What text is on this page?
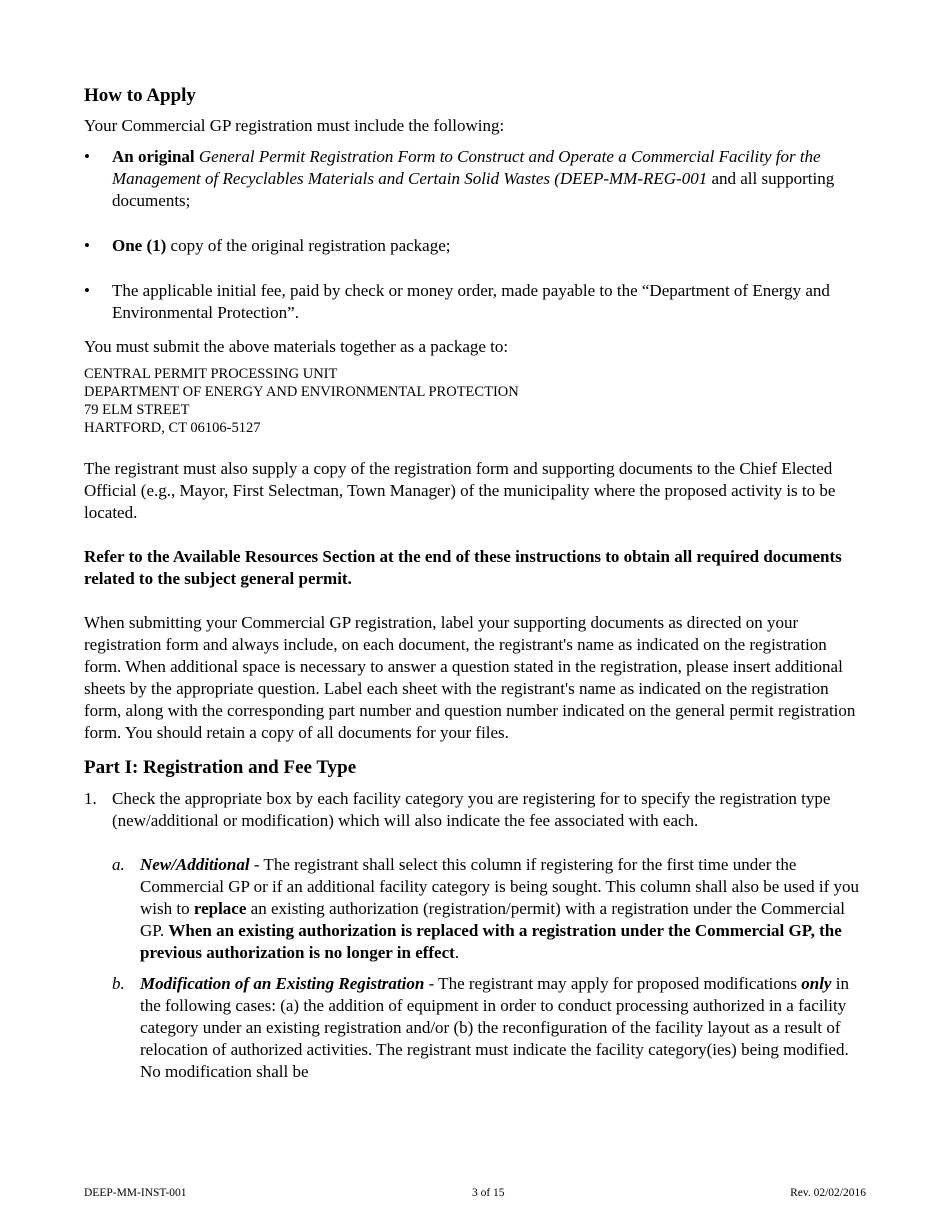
How to Apply

Your Commercial GP registration must include the following:

• An original General Permit Registration Form to Construct and Operate a Commercial Facility for the Management of Recyclables Materials and Certain Solid Wastes (DEEP-MM-REG-001 and all supporting documents;
• One (1) copy of the original registration package;
• The applicable initial fee, paid by check or money order, made payable to the “Department of Energy and Environmental Protection”.

You must submit the above materials together as a package to:

CENTRAL PERMIT PROCESSING UNIT
DEPARTMENT OF ENERGY AND ENVIRONMENTAL PROTECTION
79 ELM STREET
HARTFORD, CT 06106-5127

The registrant must also supply a copy of the registration form and supporting documents to the Chief Elected Official (e.g., Mayor, First Selectman, Town Manager) of the municipality where the proposed activity is to be located.

Refer to the Available Resources Section at the end of these instructions to obtain all required documents related to the subject general permit.

When submitting your Commercial GP registration, label your supporting documents as directed on your registration form and always include, on each document, the registrant's name as indicated on the registration form. When additional space is necessary to answer a question stated in the registration, please insert additional sheets by the appropriate question. Label each sheet with the registrant's name as indicated on the registration form, along with the corresponding part number and question number indicated on the general permit registration form. You should retain a copy of all documents for your files.

Part I: Registration and Fee Type
1. Check the appropriate box by each facility category you are registering for to specify the registration type (new/additional or modification) which will also indicate the fee associated with each.
a. New/Additional - The registrant shall select this column if registering for the first time under the Commercial GP or if an additional facility category is being sought. This column shall also be used if you wish to replace an existing authorization (registration/permit) with a registration under the Commercial GP. When an existing authorization is replaced with a registration under the Commercial GP, the previous authorization is no longer in effect.
b. Modification of an Existing Registration - The registrant may apply for proposed modifications only in the following cases: (a) the addition of equipment in order to conduct processing authorized in a facility category under an existing registration and/or (b) the reconfiguration of the facility layout as a result of relocation of authorized activities. The registrant must indicate the facility category(ies) being modified. No modification shall be
DEEP-MM-INST-001	3 of 15	Rev. 02/02/2016
